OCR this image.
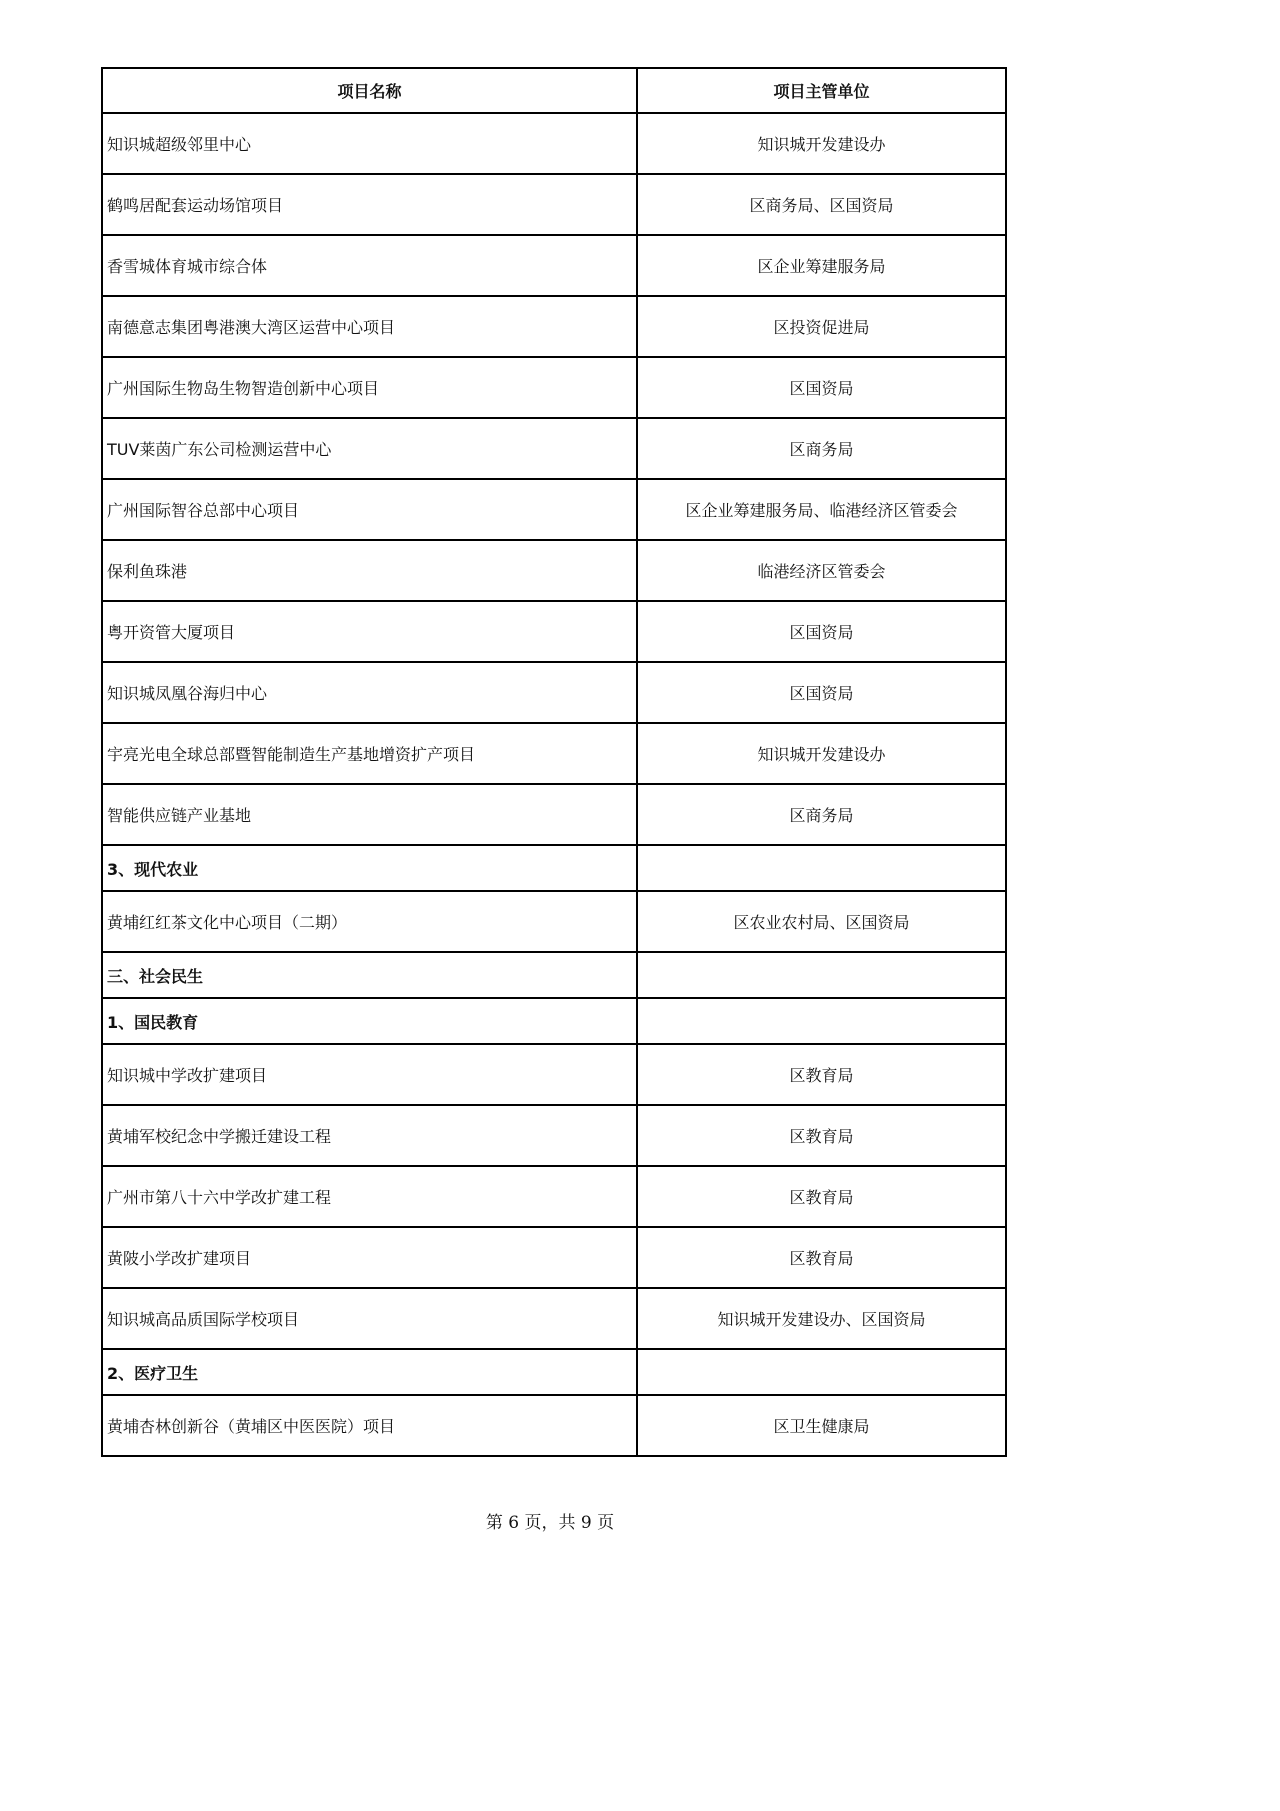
项目名称	项目主管单位
知识城超级邻里中心	知识城开发建设办
鹤鸣居配套运动场馆项目	区商务局、区国资局
香雪城体育城市综合体	区企业筹建服务局
南德意志集团粤港澳大湾区运营中心项目	区投资促进局
广州国际生物岛生物智造创新中心项目	区国资局
TUV莱茵广东公司检测运营中心	区商务局
广州国际智谷总部中心项目	区企业筹建服务局、临港经济区管委会
保利鱼珠港	临港经济区管委会
粤开资管大厦项目	区国资局
知识城凤凰谷海归中心	区国资局
宇亮光电全球总部暨智能制造生产基地增资扩产项目	知识城开发建设办
智能供应链产业基地	区商务局
3、现代农业	
黄埔红红茶文化中心项目（二期）	区农业农村局、区国资局
三、社会民生	
1、国民教育	
知识城中学改扩建项目	区教育局
黄埔军校纪念中学搬迁建设工程	区教育局
广州市第八十六中学改扩建工程	区教育局
黄陂小学改扩建项目	区教育局
知识城高品质国际学校项目	知识城开发建设办、区国资局
2、医疗卫生	
黄埔杏林创新谷（黄埔区中医医院）项目	区卫生健康局
第 6 页，共 9 页
